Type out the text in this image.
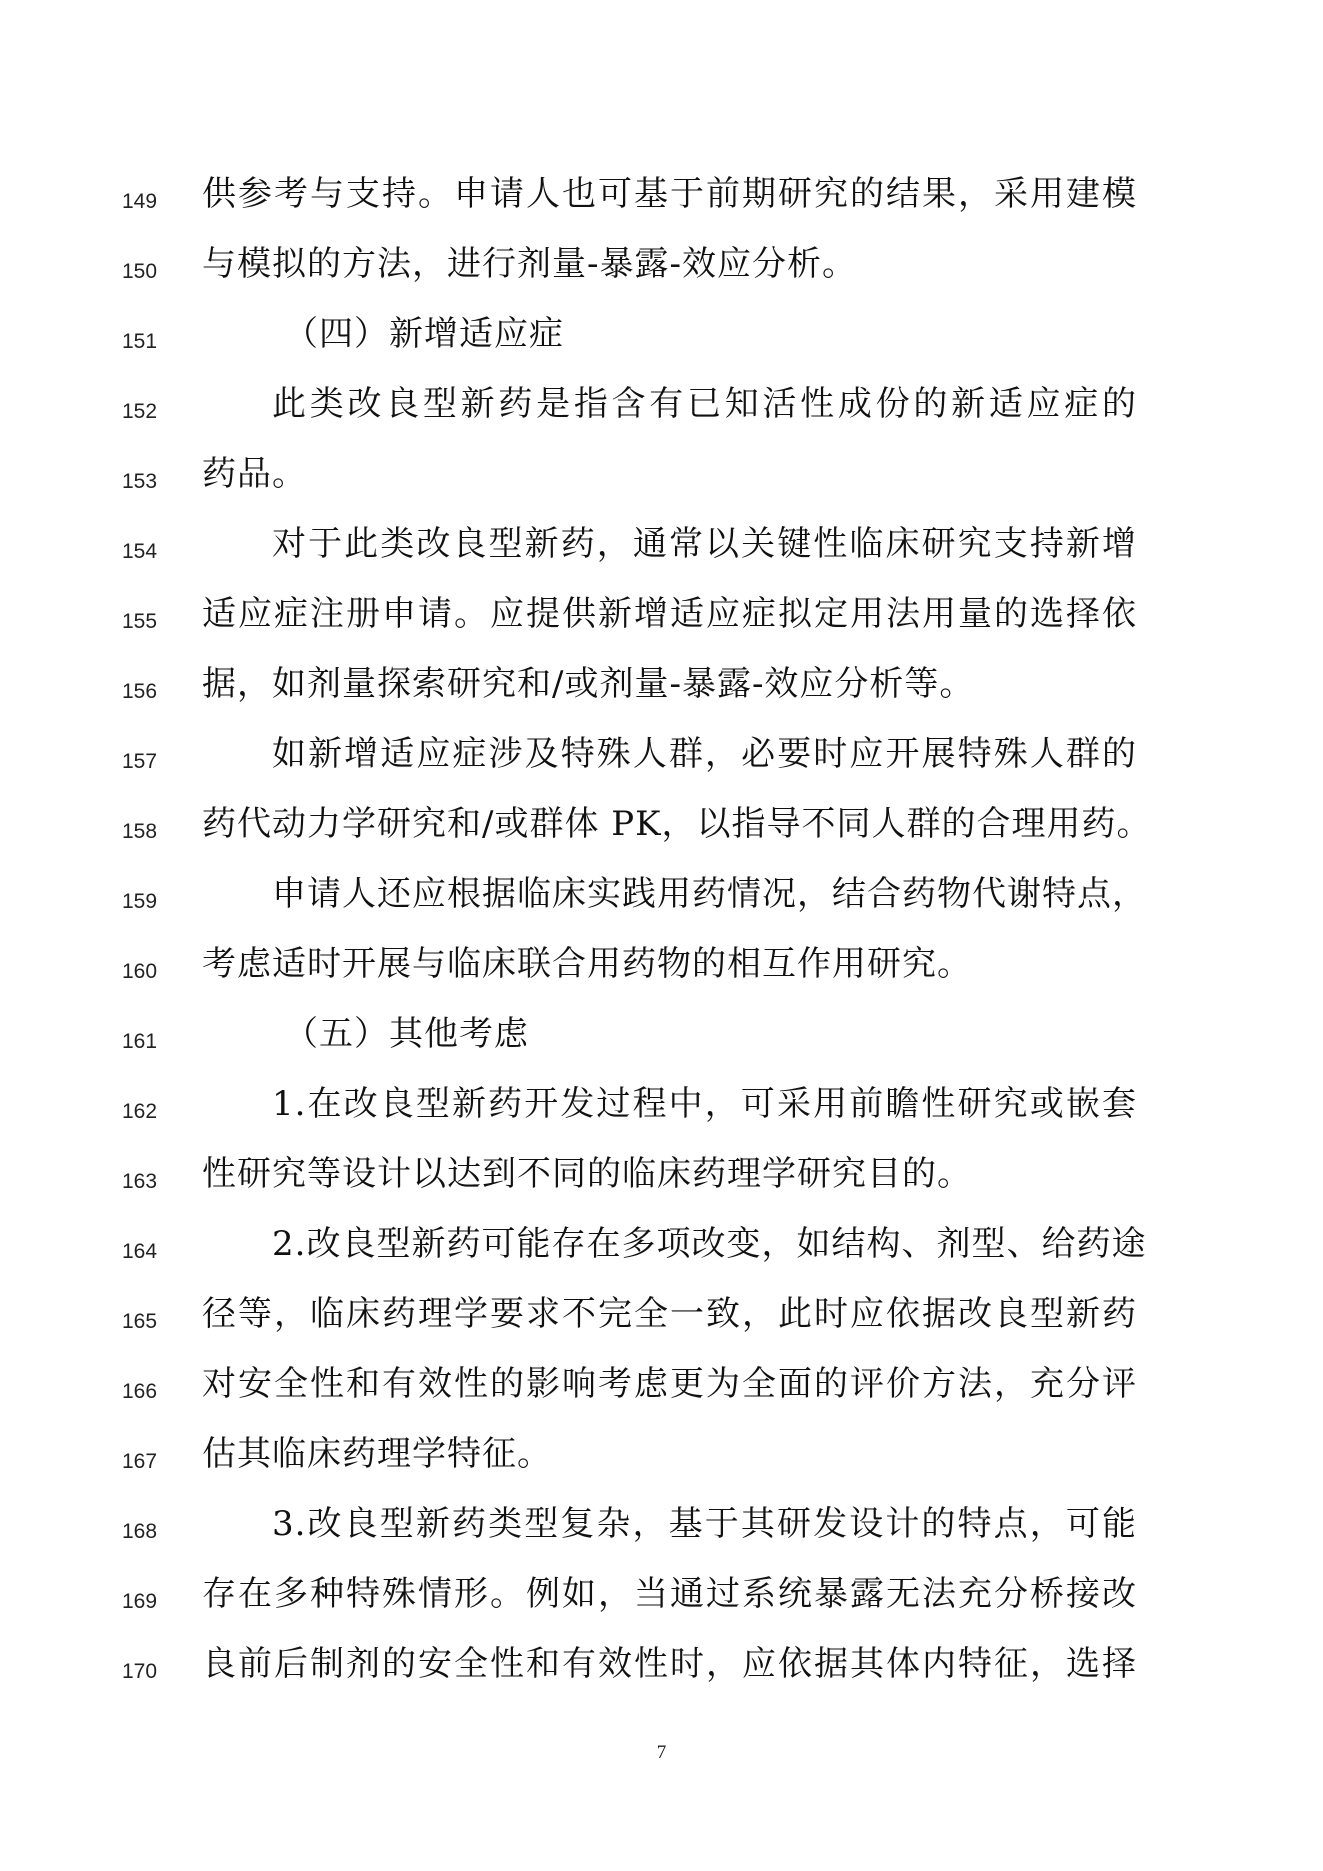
149 供参考与支持。申请人也可基于前期研究的结果，采用建模
150 与模拟的方法，进行剂量-暴露-效应分析。
151	（四）新增适应症
152	此类改良型新药是指含有已知活性成份的新适应症的
153 药品。
154	对于此类改良型新药，通常以关键性临床研究支持新增
155 适应症注册申请。应提供新增适应症拟定用法用量的选择依
156 据，如剂量探索研究和/或剂量-暴露-效应分析等。
157	如新增适应症涉及特殊人群，必要时应开展特殊人群的
158 药代动力学研究和/或群体 PK，以指导不同人群的合理用药。
159	申请人还应根据临床实践用药情况，结合药物代谢特点，
160 考虑适时开展与临床联合用药物的相互作用研究。
161	（五）其他考虑
162	1.在改良型新药开发过程中，可采用前瞻性研究或嵌套
163 性研究等设计以达到不同的临床药理学研究目的。
164	2.改良型新药可能存在多项改变，如结构、剂型、给药途
165 径等，临床药理学要求不完全一致，此时应依据改良型新药
166 对安全性和有效性的影响考虑更为全面的评价方法，充分评
167 估其临床药理学特征。
168	3.改良型新药类型复杂，基于其研发设计的特点，可能
169 存在多种特殊情形。例如，当通过系统暴露无法充分桥接改
170 良前后制剂的安全性和有效性时，应依据其体内特征，选择
7
